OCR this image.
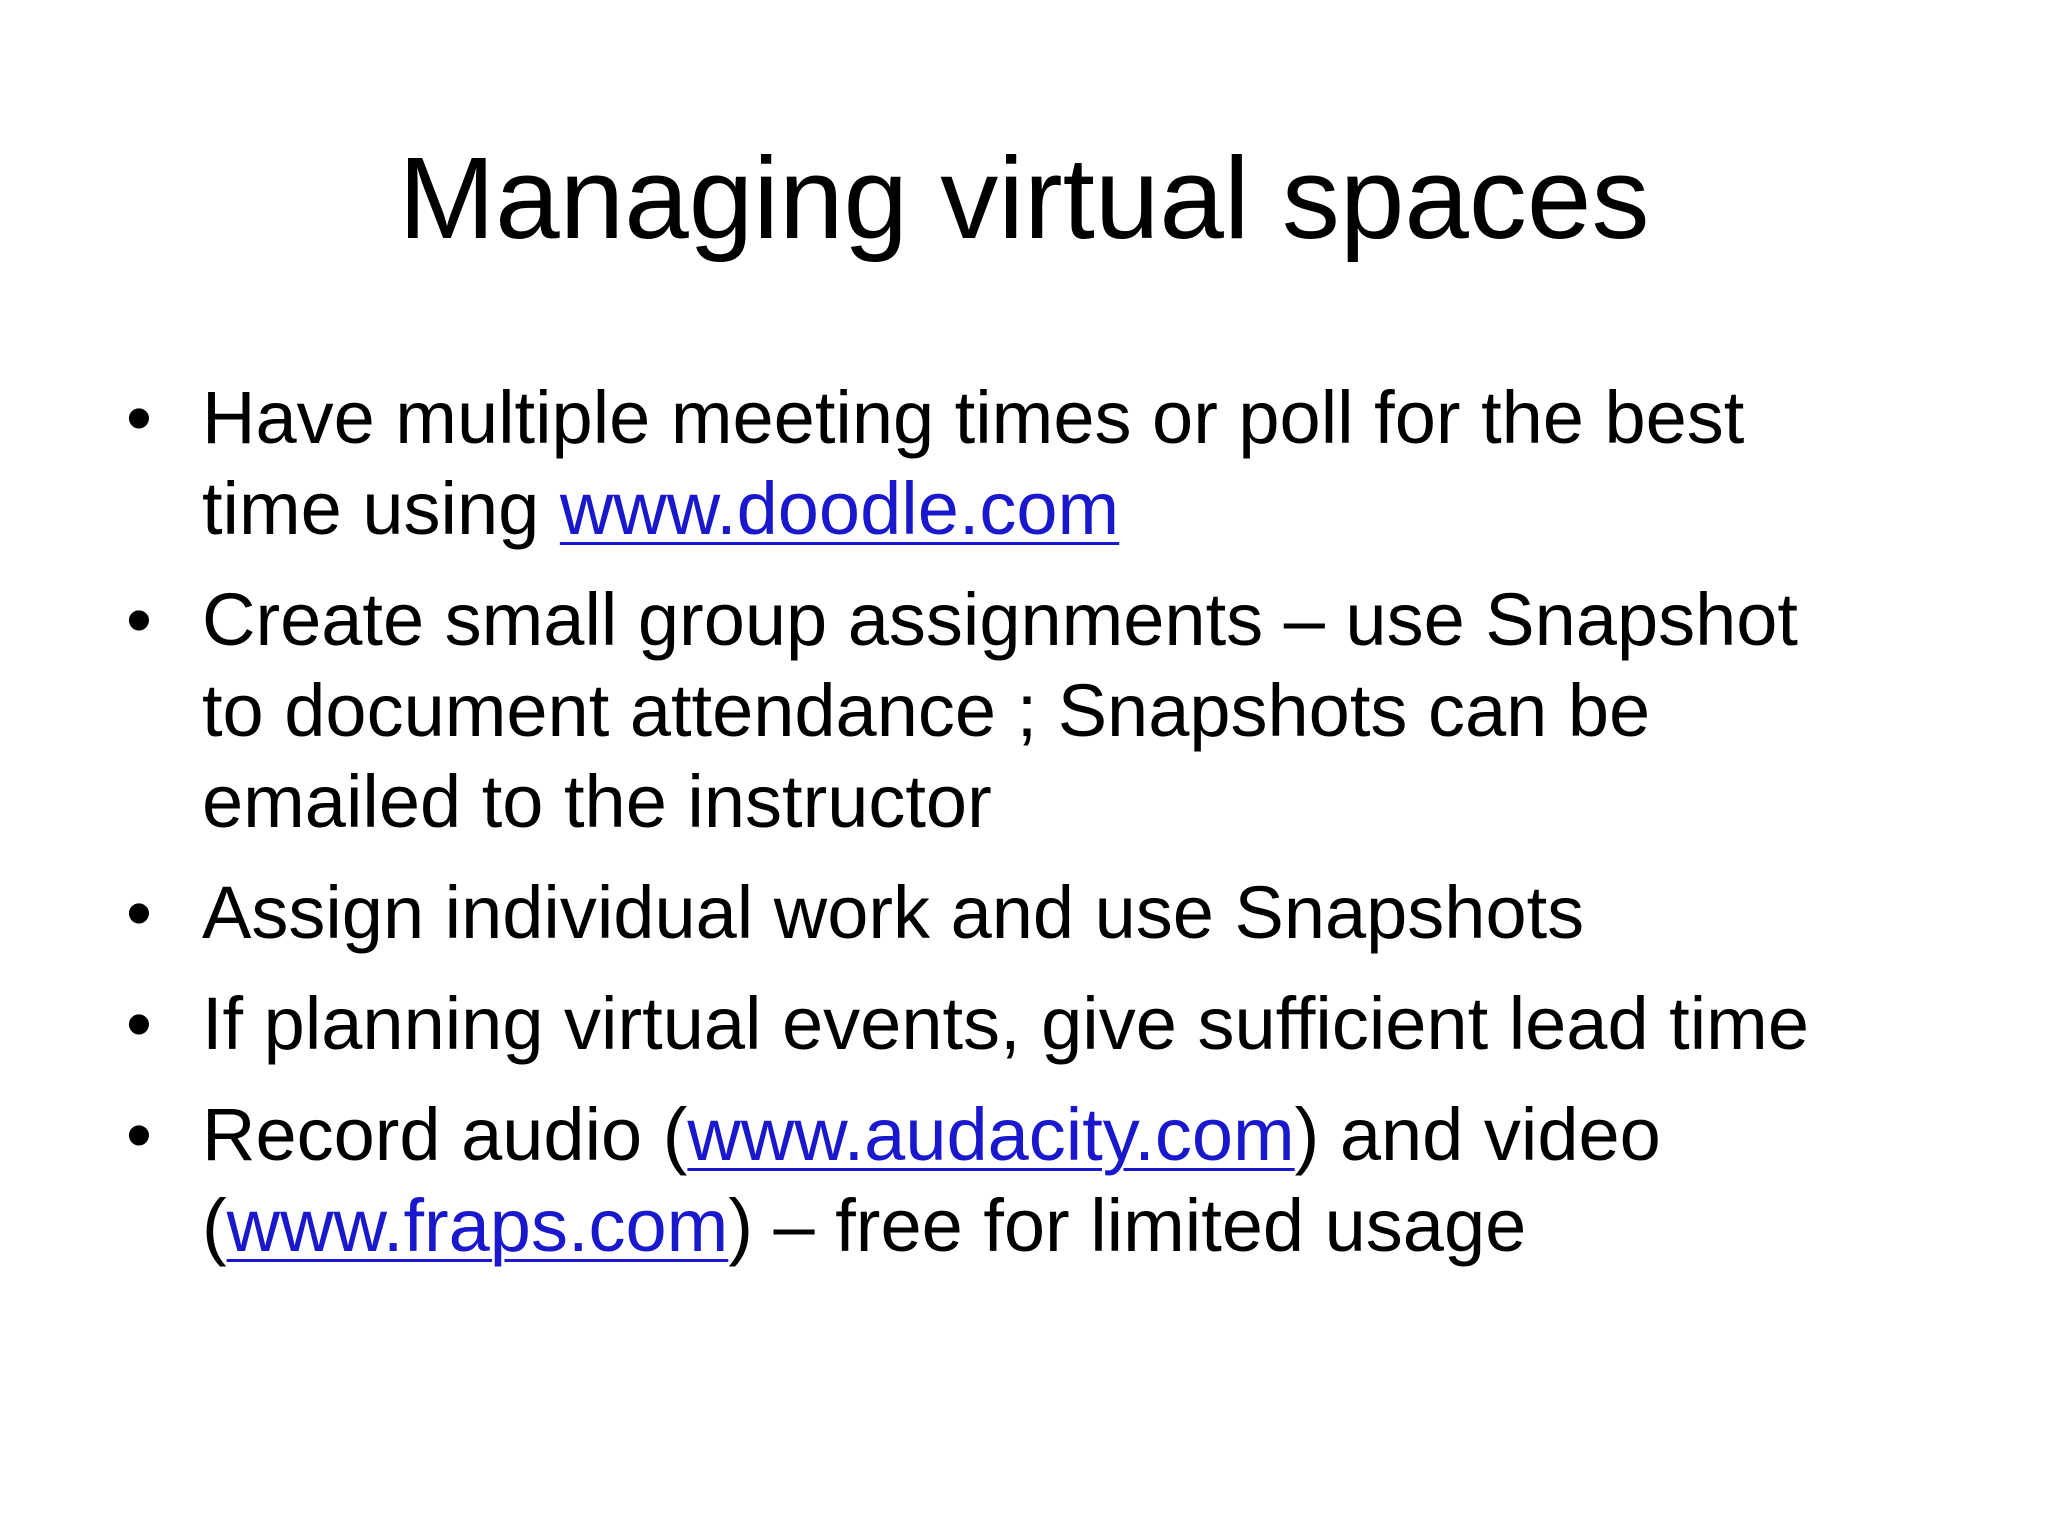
Managing virtual spaces
• Have multiple meeting times or poll for the best time using www.doodle.com
• Create small group assignments – use Snapshot to document attendance ; Snapshots can be emailed to the instructor
• Assign individual work and use Snapshots
• If planning virtual events, give sufficient lead time
• Record audio (www.audacity.com) and video (www.fraps.com) – free for limited usage
